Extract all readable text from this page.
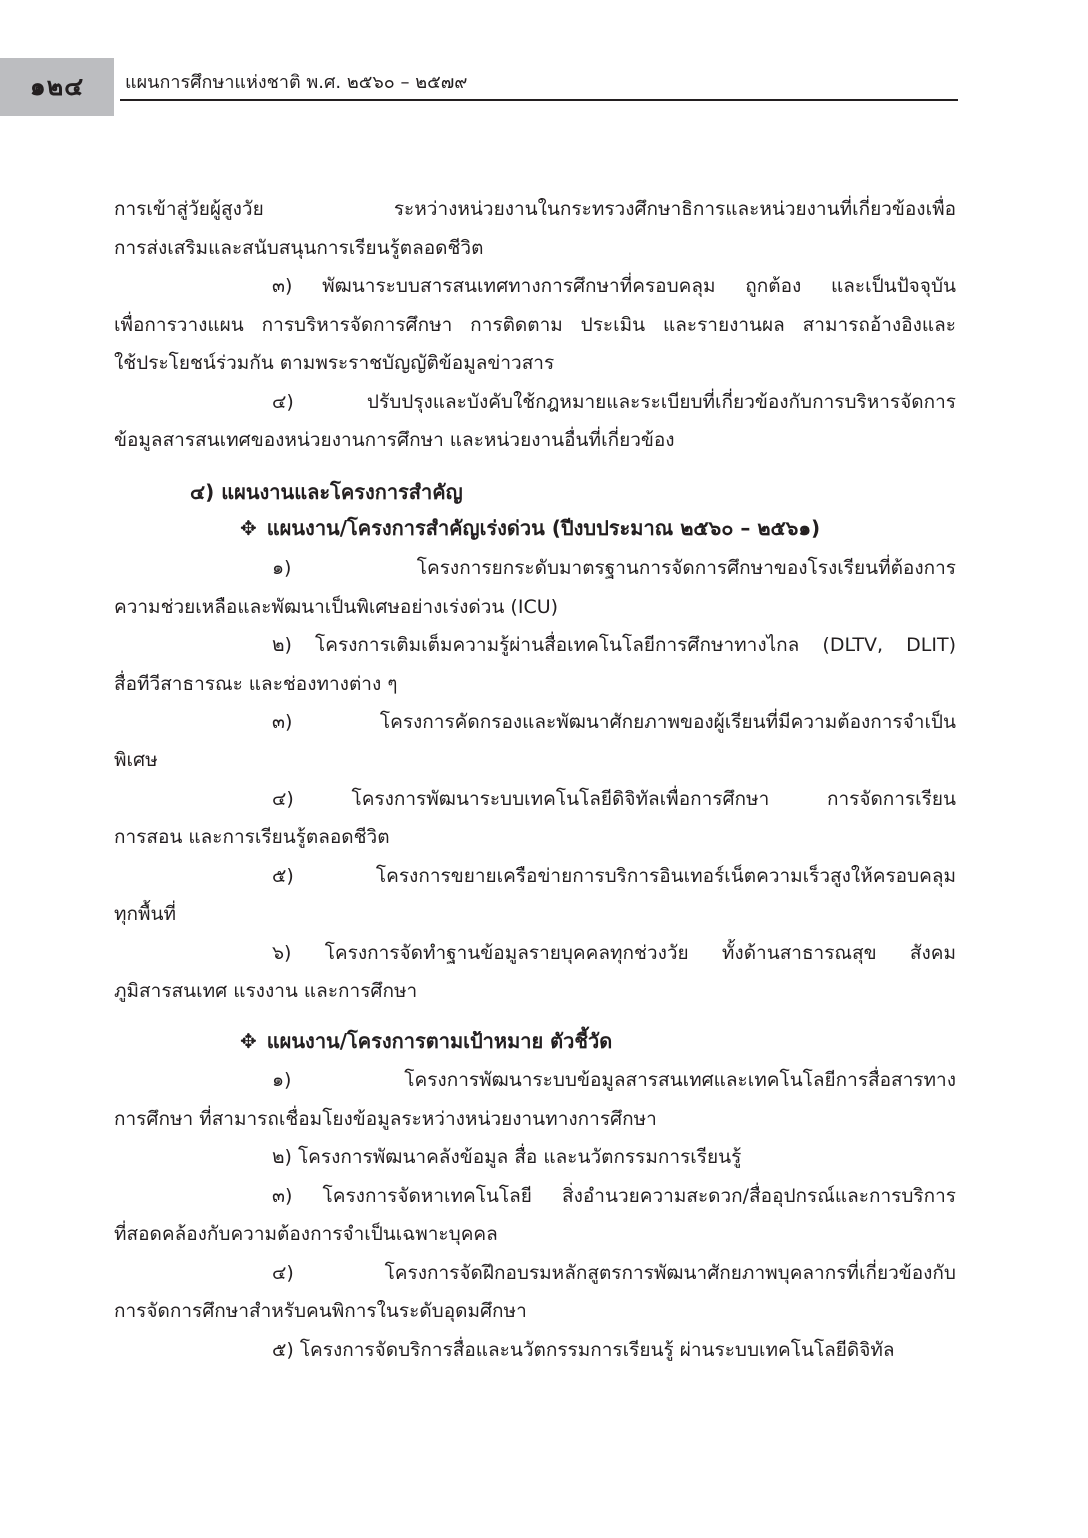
๑๒๔	แผนการศึกษาแห่งชาติ พ.ศ. ๒๕๖๐ – ๒๕๗๙
การเข้าสู่วัยผู้สูงวัย ระหว่างหน่วยงานในกระทรวงศึกษาธิการและหน่วยงานที่เกี่ยวข้องเพื่อ
การส่งเสริมและสนับสนุนการเรียนรู้ตลอดชีวิต
๓) พัฒนาระบบสารสนเทศทางการศึกษาที่ครอบคลุม ถูกต้อง และเป็นปัจจุบัน
เพื่อการวางแผน การบริหารจัดการศึกษา การติดตาม ประเมิน และรายงานผล สามารถอ้างอิงและ
ใช้ประโยชน์ร่วมกัน ตามพระราชบัญญัติข้อมูลข่าวสาร
๔) ปรับปรุงและบังคับใช้กฎหมายและระเบียบที่เกี่ยวข้องกับการบริหารจัดการ
ข้อมูลสารสนเทศของหน่วยงานการศึกษา และหน่วยงานอื่นที่เกี่ยวข้อง
๔) แผนงานและโครงการสำคัญ
✥ แผนงาน/โครงการสำคัญเร่งด่วน (ปีงบประมาณ ๒๕๖๐ – ๒๕๖๑)
๑) โครงการยกระดับมาตรฐานการจัดการศึกษาของโรงเรียนที่ต้องการ
ความช่วยเหลือและพัฒนาเป็นพิเศษอย่างเร่งด่วน (ICU)
๒) โครงการเติมเต็มความรู้ผ่านสื่อเทคโนโลยีการศึกษาทางไกล (DLTV, DLIT)
สื่อทีวีสาธารณะ และช่องทางต่าง ๆ
๓) โครงการคัดกรองและพัฒนาศักยภาพของผู้เรียนที่มีความต้องการจำเป็น
พิเศษ
๔) โครงการพัฒนาระบบเทคโนโลยีดิจิทัลเพื่อการศึกษา การจัดการเรียน
การสอน และการเรียนรู้ตลอดชีวิต
๕) โครงการขยายเครือข่ายการบริการอินเทอร์เน็ตความเร็วสูงให้ครอบคลุม
ทุกพื้นที่
๖) โครงการจัดทำฐานข้อมูลรายบุคคลทุกช่วงวัย ทั้งด้านสาธารณสุข สังคม
ภูมิสารสนเทศ แรงงาน และการศึกษา
✥ แผนงาน/โครงการตามเป้าหมาย ตัวชี้วัด
๑) โครงการพัฒนาระบบข้อมูลสารสนเทศและเทคโนโลยีการสื่อสารทาง
การศึกษา ที่สามารถเชื่อมโยงข้อมูลระหว่างหน่วยงานทางการศึกษา
๒) โครงการพัฒนาคลังข้อมูล สื่อ และนวัตกรรมการเรียนรู้
๓) โครงการจัดหาเทคโนโลยี สิ่งอำนวยความสะดวก/สื่ออุปกรณ์และการบริการ
ที่สอดคล้องกับความต้องการจำเป็นเฉพาะบุคคล
๔) โครงการจัดฝึกอบรมหลักสูตรการพัฒนาศักยภาพบุคลากรที่เกี่ยวข้องกับ
การจัดการศึกษาสำหรับคนพิการในระดับอุดมศึกษา
๕) โครงการจัดบริการสื่อและนวัตกรรมการเรียนรู้ ผ่านระบบเทคโนโลยีดิจิทัล
